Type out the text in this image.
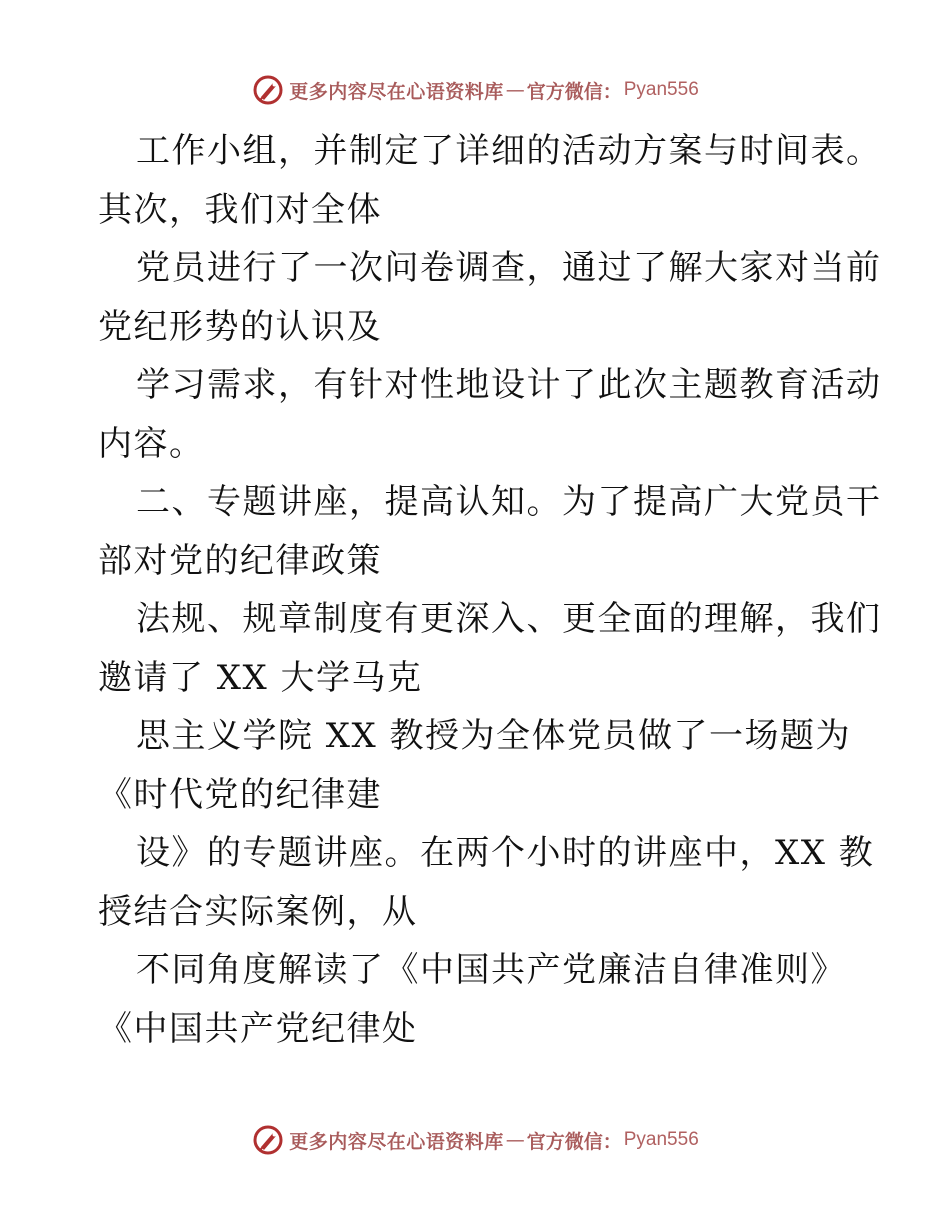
更多内容尽在心语资料库 — 官方微信： Pyan556
工作小组，并制定了详细的活动方案与时间表。
其次，我们对全体
党员进行了一次问卷调查，通过了解大家对当前
党纪形势的认识及
学习需求，有针对性地设计了此次主题教育活动
内容。
二、专题讲座，提高认知。为了提高广大党员干
部对党的纪律政策
法规、规章制度有更深入、更全面的理解，我们
邀请了 XX 大学马克
思主义学院 XX 教授为全体党员做了一场题为
《时代党的纪律建
设》的专题讲座。在两个小时的讲座中，XX 教
授结合实际案例，从
不同角度解读了《中国共产党廉洁自律准则》
《中国共产党纪律处
更多内容尽在心语资料库 — 官方微信： Pyan556
